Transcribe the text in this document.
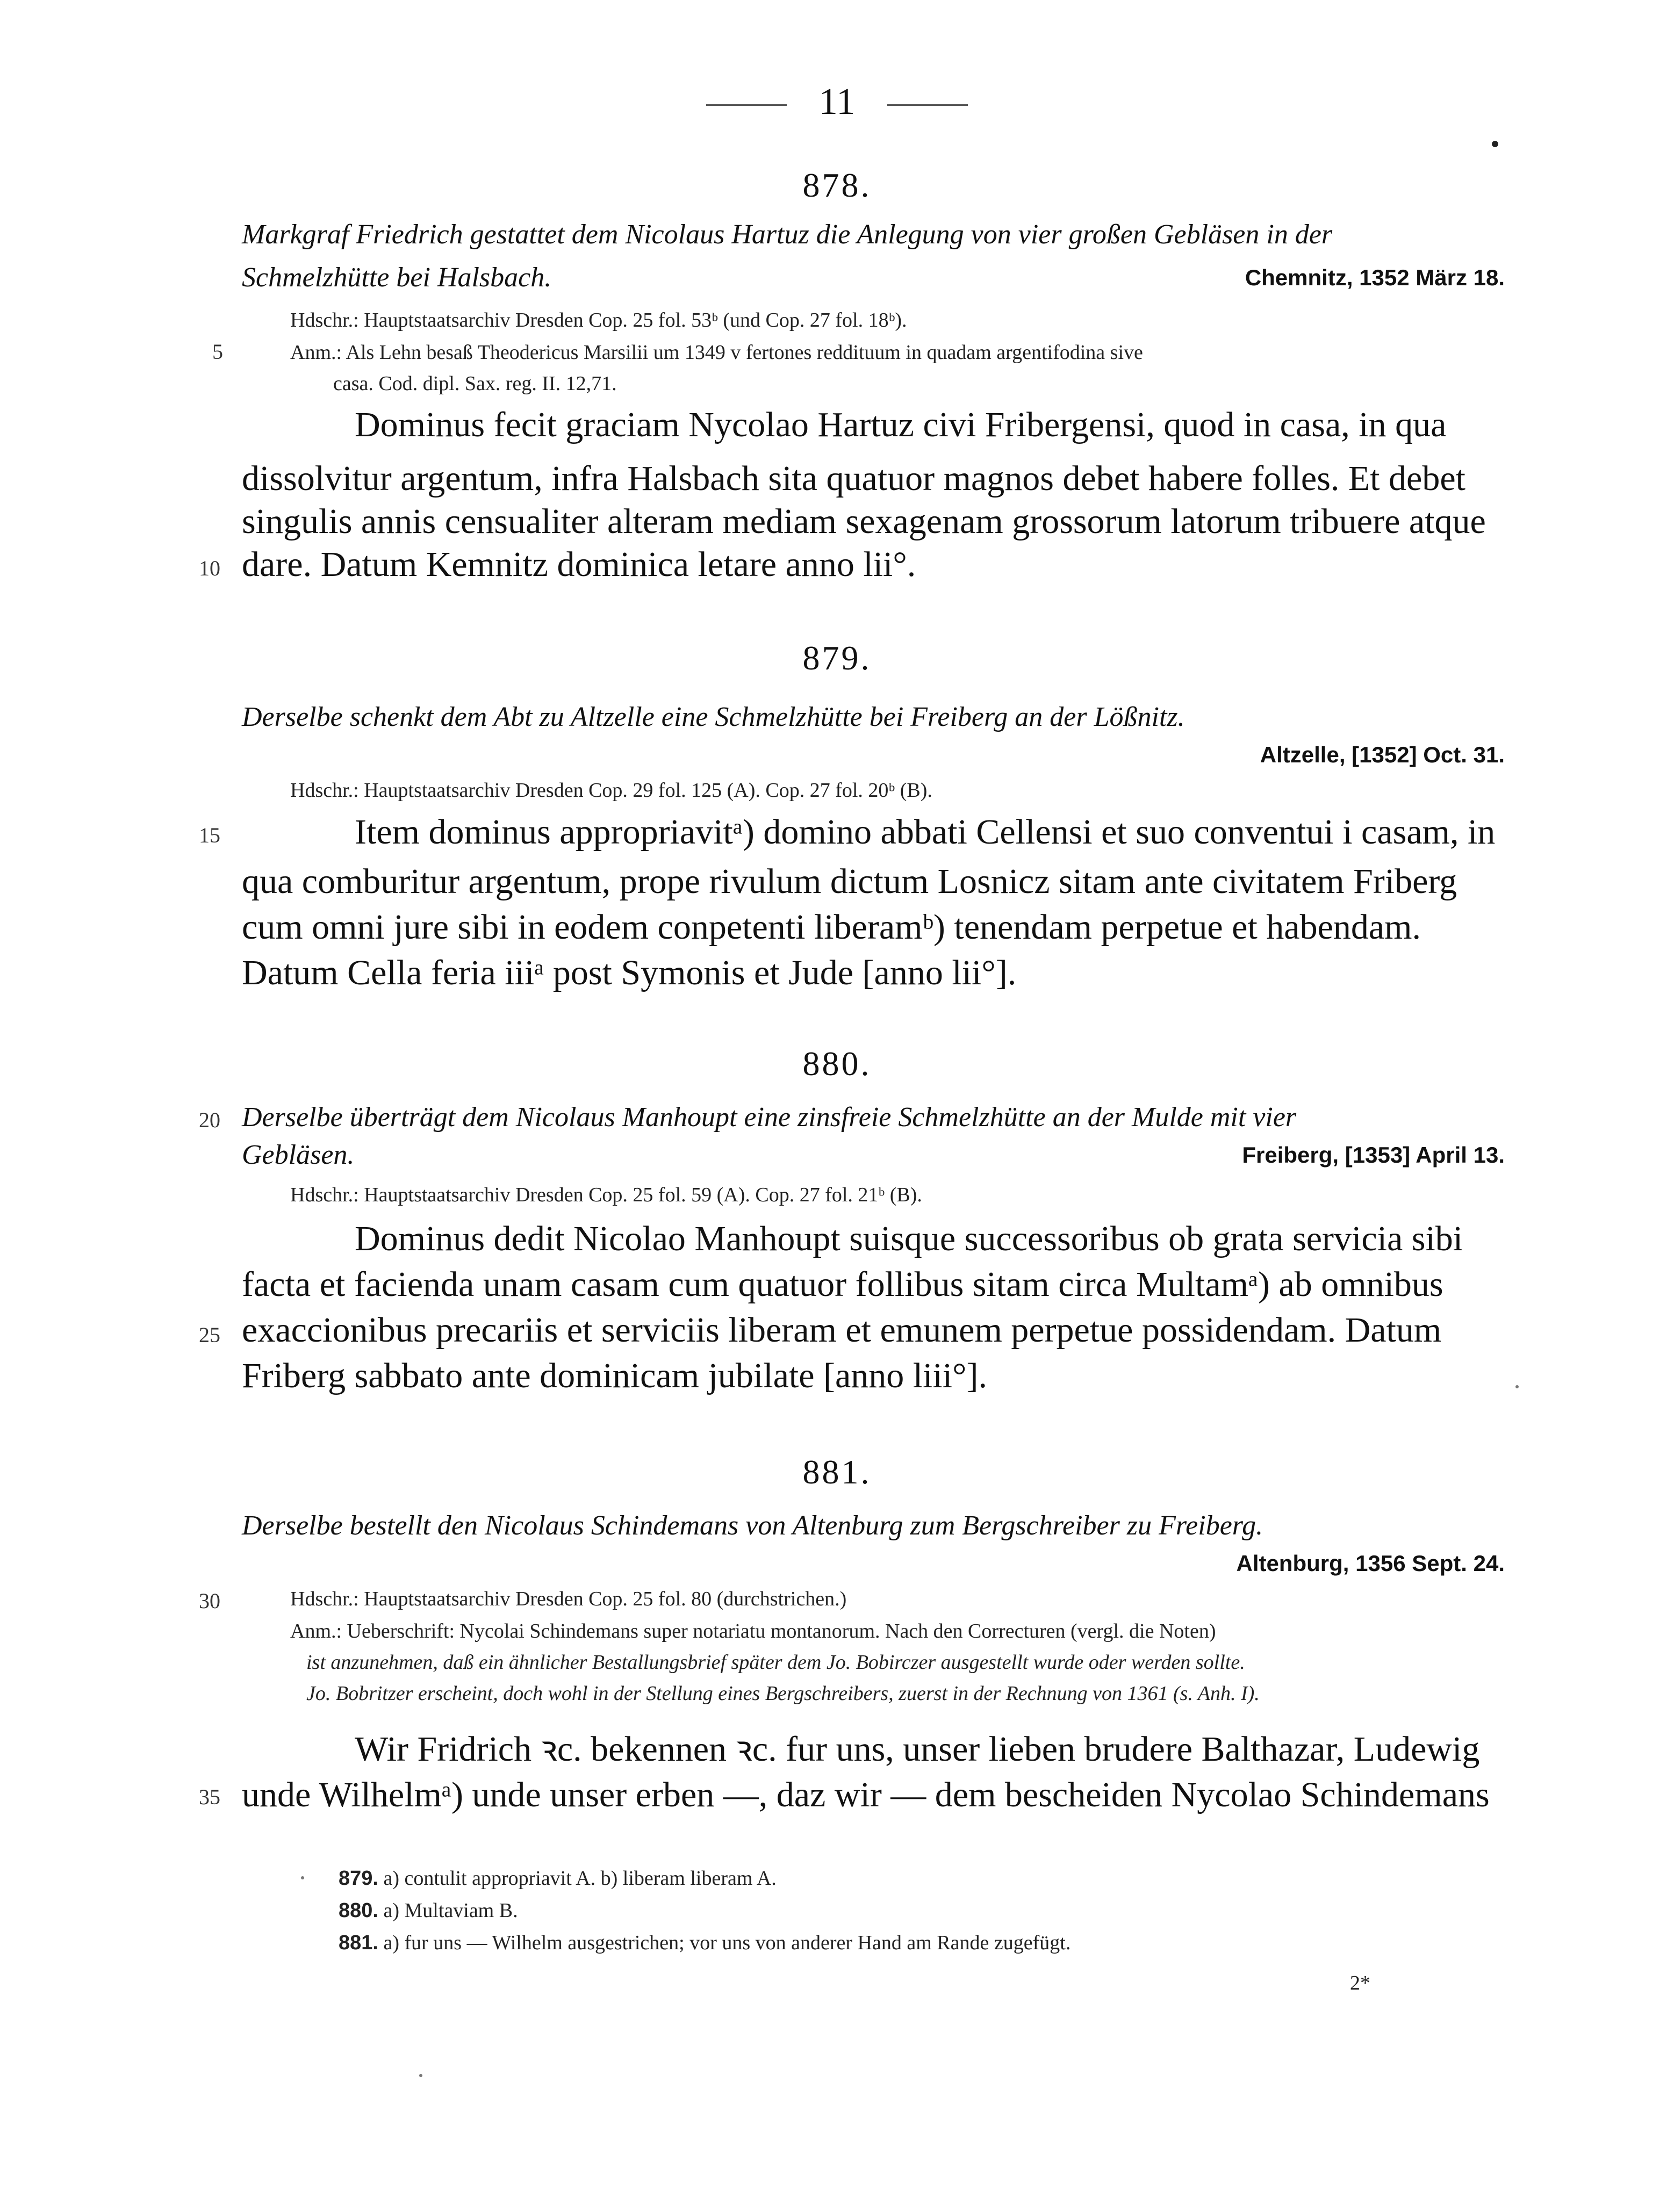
11
878.
Markgraf Friedrich gestattet dem Nicolaus Hartuz die Anlegung von vier großen Gebläsen in der
Schmelzhütte bei Halsbach.	Chemnitz, 1352 März 18.
Hdschr.: Hauptstaatsarchiv Dresden Cop. 25 fol. 53ᵇ (und Cop. 27 fol. 18ᵇ).
5	Anm.: Als Lehn besaß Theodericus Marsilii um 1349 v fertones reddituum in quadam argentifodina sive
casa. Cod. dipl. Sax. reg. II. 12,71.
Dominus fecit graciam Nycolao Hartuz civi Fribergensi, quod in casa, in qua
dissolvitur argentum, infra Halsbach sita quatuor magnos debet habere folles. Et debet
singulis annis censualiter alteram mediam sexagenam grossorum latorum tribuere atque
10 dare. Datum Kemnitz dominica letare anno lii°.
879.
Derselbe schenkt dem Abt zu Altzelle eine Schmelzhütte bei Freiberg an der Lößnitz.
Altzelle, [1352] Oct. 31.
Hdschr.: Hauptstaatsarchiv Dresden Cop. 29 fol. 125 (A). Cop. 27 fol. 20ᵇ (B).
15	Item dominus appropriavitᵃ) domino abbati Cellensi et suo conventui i casam, in
qua comburitur argentum, prope rivulum dictum Losnicz sitam ante civitatem Friberg
cum omni jure sibi in eodem conpetenti liberamᵇ) tenendam perpetue et habendam.
Datum Cella feria iiiᵃ post Symonis et Jude [anno lii°].
880.
20 Derselbe überträgt dem Nicolaus Manhoupt eine zinsfreie Schmelzhütte an der Mulde mit vier
Gebläsen.	Freiberg, [1353] April 13.
Hdschr.: Hauptstaatsarchiv Dresden Cop. 25 fol. 59 (A). Cop. 27 fol. 21ᵇ (B).
Dominus dedit Nicolao Manhoupt suisque successoribus ob grata servicia sibi
facta et facienda unam casam cum quatuor follibus sitam circa Multamᵃ) ab omnibus
25 exaccionibus precariis et serviciis liberam et emunem perpetue possidendam. Datum
Friberg sabbato ante dominicam jubilate [anno liii°].
881.
Derselbe bestellt den Nicolaus Schindemans von Altenburg zum Bergschreiber zu Freiberg.
Altenburg, 1356 Sept. 24.
30	Hdschr.: Hauptstaatsarchiv Dresden Cop. 25 fol. 80 (durchstrichen.)
Anm.: Ueberschrift: Nycolai Schindemans super notariatu montanorum. Nach den Correcturen (vergl. die Noten)
ist anzunehmen, daß ein ähnlicher Bestallungsbrief später dem Jo. Bobirczer ausgestellt wurde oder werden sollte.
Jo. Bobritzer erscheint, doch wohl in der Stellung eines Bergschreibers, zuerst in der Rechnung von 1361 (s. Anh. I).
Wir Fridrich ꝛc. bekennen ꝛc. fur uns, unser lieben brudere Balthazar, Ludewig
35 unde Wilhelmᵃ) unde unser erben —, daz wir — dem bescheiden Nycolao Schindemans
879. a) contulit appropriavit A. b) liberam liberam A.
880. a) Multaviam B.
881. a) fur uns — Wilhelm ausgestrichen; vor uns von anderer Hand am Rande zugefügt.
2*
